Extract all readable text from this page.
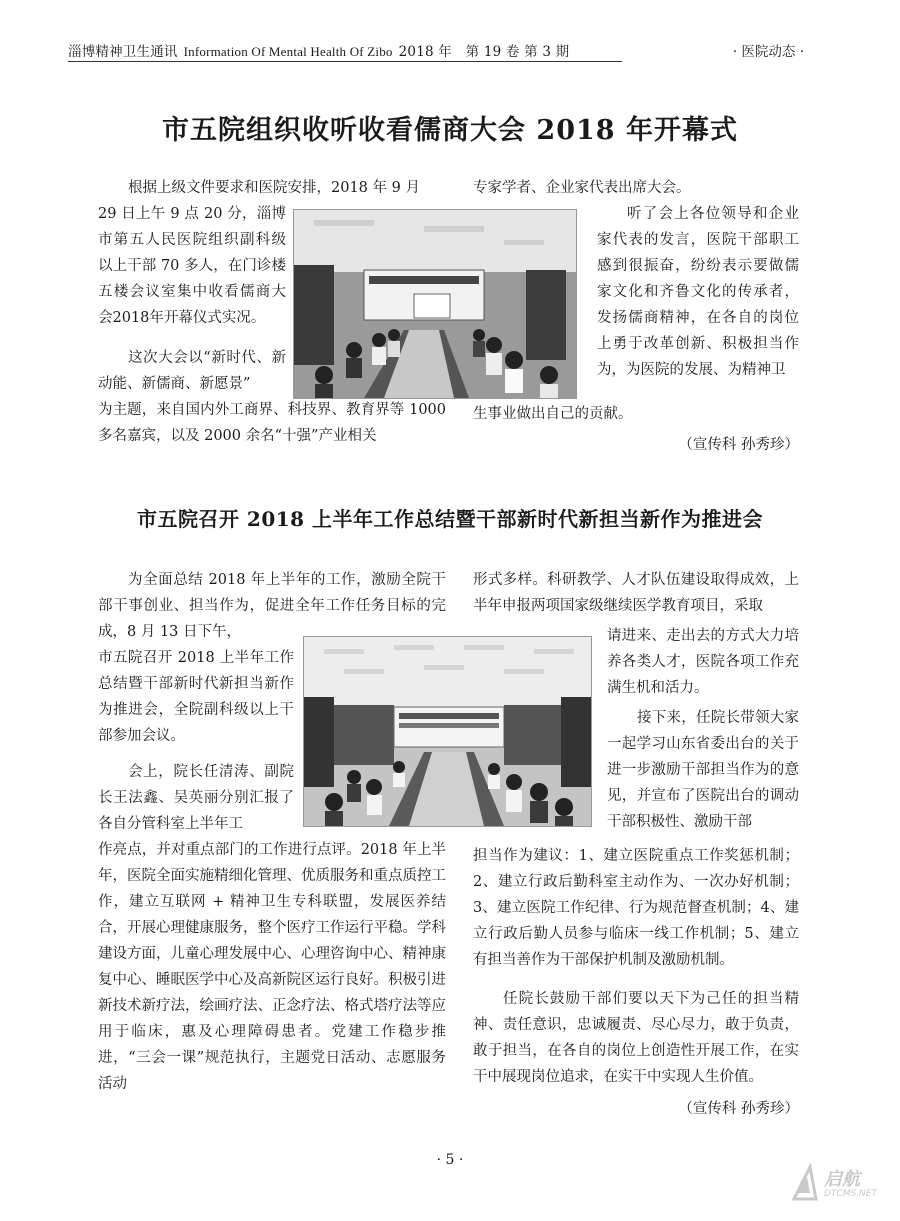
淄博精神卫生通讯 Information Of Mental Health Of Zibo 2018 年　第 19 卷 第 3 期	· 医院动态 ·
市五院组织收听收看儒商大会 2018 年开幕式

根据上级文件要求和医院安排，2018 年 9 月

29 日上午 9 点 20 分，淄博市第五人民医院组织副科级以上干部 70 多人，在门诊楼五楼会议室集中收看儒商大会2018年开幕仪式实况。

这次大会以“新时代、新动能、新儒商、新愿景”

为主题，来自国内外工商界、科技界、教育界等 1000 多名嘉宾，以及 2000 余名“十强”产业相关

专家学者、企业家代表出席大会。

听了会上各位领导和企业家代表的发言，医院干部职工感到很振奋，纷纷表示要做儒家文化和齐鲁文化的传承者，发扬儒商精神，在各自的岗位上勇于改革创新、积极担当作为，为医院的发展、为精神卫

生事业做出自己的贡献。

（宣传科 孙秀珍）

市五院召开 2018 上半年工作总结暨干部新时代新担当新作为推进会

为全面总结 2018 年上半年的工作，激励全院干部干事创业、担当作为，促进全年工作任务目标的完成，8 月 13 日下午，

市五院召开 2018 上半年工作总结暨干部新时代新担当新作为推进会，全院副科级以上干部参加会议。

会上，院长任清涛、副院长王法鑫、吴英丽分别汇报了各自分管科室上半年工

作亮点，并对重点部门的工作进行点评。2018 年上半年，医院全面实施精细化管理、优质服务和重点质控工作，建立互联网 + 精神卫生专科联盟，发展医养结合，开展心理健康服务，整个医疗工作运行平稳。学科建设方面，儿童心理发展中心、心理咨询中心、精神康复中心、睡眠医学中心及高新院区运行良好。积极引进新技术新疗法，绘画疗法、正念疗法、格式塔疗法等应用于临床，惠及心理障碍患者。党建工作稳步推进，“三会一课”规范执行，主题党日活动、志愿服务活动

形式多样。科研教学、人才队伍建设取得成效，上半年申报两项国家级继续医学教育项目，采取

请进来、走出去的方式大力培养各类人才，医院各项工作充满生机和活力。

接下来，任院长带领大家一起学习山东省委出台的关于进一步激励干部担当作为的意见，并宣布了医院出台的调动干部积极性、激励干部

担当作为建议：1、建立医院重点工作奖惩机制；2、建立行政后勤科室主动作为、一次办好机制；3、建立医院工作纪律、行为规范督查机制；4、建立行政后勤人员参与临床一线工作机制；5、建立有担当善作为干部保护机制及激励机制。

任院长鼓励干部们要以天下为己任的担当精神、责任意识，忠诚履责、尽心尽力，敢于负责，敢于担当，在各自的岗位上创造性开展工作，在实干中展现岗位追求，在实干中实现人生价值。

（宣传科 孙秀珍）

· 5 ·
启航
DTCMS.NET
